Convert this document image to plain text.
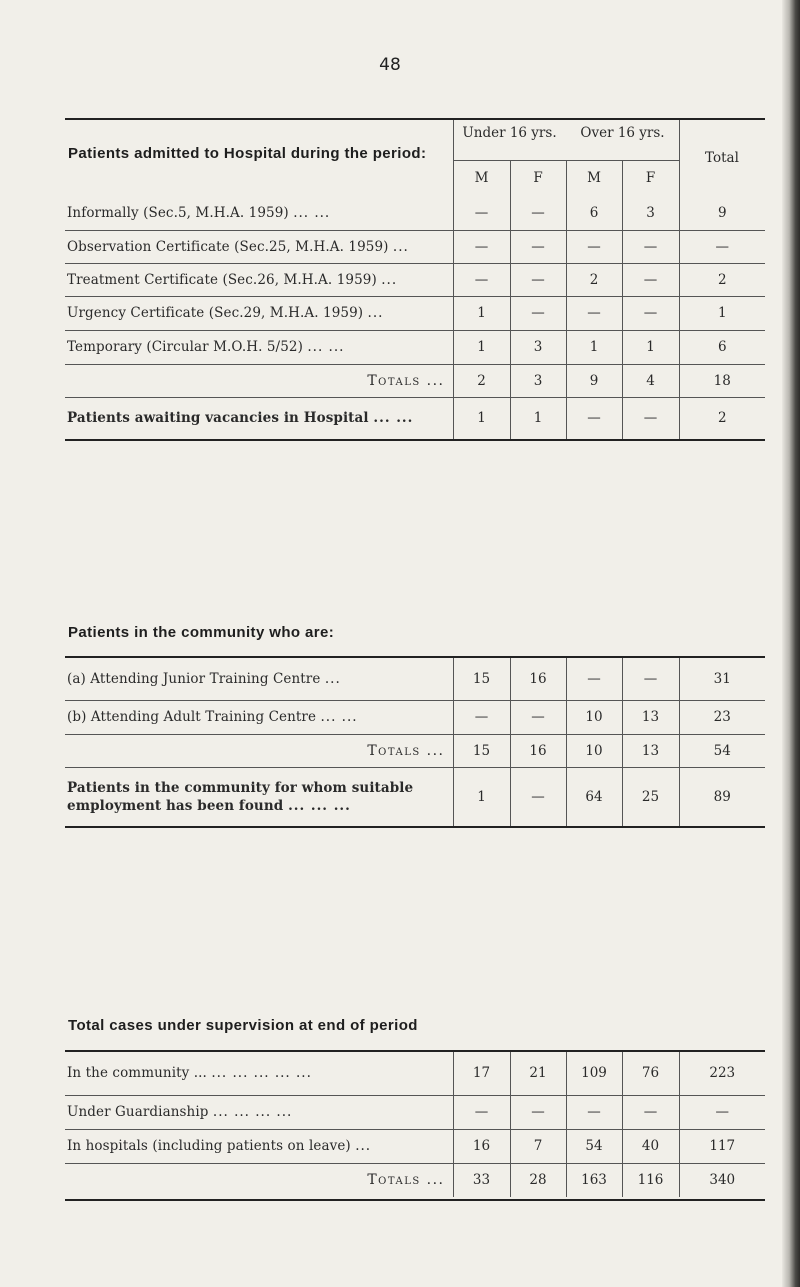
48
Patients admitted to Hospital during the period:
Under 16 yrs.	Over 16 yrs.
Total
M	F	M	F
Informally (Sec.5, M.H.A. 1959) ... ...	—	—	6	3	9
Observation Certificate (Sec.25, M.H.A. 1959) ...	—	—	—	—	—
Treatment Certificate (Sec.26, M.H.A. 1959) ...	—	—	2	—	2
Urgency Certificate (Sec.29, M.H.A. 1959) ...	1	—	—	—	1
Temporary (Circular M.O.H. 5/52) ... ...	1	3	1	1	6
Totals ...	2	3	9	4	18
Patients awaiting vacancies in Hospital ... ...	1	1	—	—	2
Patients in the community who are:
(a) Attending Junior Training Centre ...	15	16	—	—	31
(b) Attending Adult Training Centre ... ...	—	—	10	13	23
Totals ...	15	16	10	13	54

Patients in the community for whom suitable
employment has been found ... ... ...	1	—	64	25	89
Total cases under supervision at end of period
In the community ... ... ... ... ... ...	17	21	109	76	223
Under Guardianship ... ... ... ...	—	—	—	—	—
In hospitals (including patients on leave) ...	16	7	54	40	117
Totals ...	33	28	163	116	340
